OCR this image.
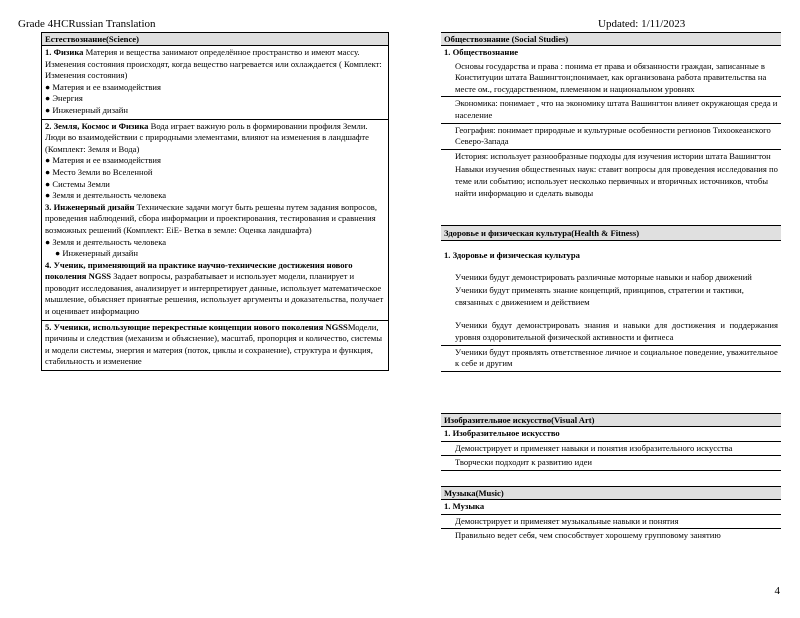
Grade 4HCRussian Translation	Updated: 1/11/2023
Естествознание(Science)

1. Физика Материя и вещества занимают определённое пространство и имеют массу. Изменения состояния происходят, когда вещество нагревается или охлаждается ( Комплект: Изменения состояния)

● Материя и ее взаимодействия
● Энергия
● Инженерный дизайн

2. Земля, Космос и Физика Вода играет важную роль в формировании профиля Земли. Люди во взаимодействии с природными элементами, влияют на изменения в ландшафте (Комплект: Земля и Вода)

● Материя и ее взаимодействия
● Место Земли во Вселенной
● Системы Земли
● Земля и деятельность человека

3. Инженерный дизайн Технические задачи могут быть решены путем задания вопросов, проведения наблюдений, сбора информации и проектирования, тестирования и сравнения возможных решений (Комплект: EiE- Ветка в земле: Оценка ландшафта)

● Земля и деятельность человека
● Инженерный дизайн

4. Ученик, применяющий на практике научно-технические достижения нового поколения NGSS Задает вопросы, разрабатывает и использует модели, планирует и проводит исследования, анализирует и интерпретирует данные, использует математическое мышление, объясняет принятые решения, использует аргументы и доказательства, получает и оценивает информацию

5. Ученики, использующие перекрестные концепции нового поколения NGSSМодели, причины и следствия (механизм и объяснение), масштаб, пропорция и количество, системы и модели системы, энергия и материя (поток, циклы и сохранение), структура и функция, стабильность и изменение

Обществознание (Social Studies)
1. Обществознание
Основы государства и права : понима ет права и обязанности граждан, записанные в Конституции штата Вашингтон;понимает, как организована работа правительства на месте ом., государственном, племенном и национальном уровнях
Экономика: понимает , что на экономику штата Вашингтон влияет окружающая среда и население
География: понимает природные и культурные особенности регионов Тихоокеанского Северо-Запада
История: использует разнообразные подходы для изучения истории штата Вашингтон
Навыки изучения общественных наук: ставит вопросы для проведения исследования по теме или событию; использует несколько первичных и вторичных источников, чтобы найти информацию и сделать выводы
Здоровье и физическая культура(Health & Fitness)
1. Здоровье и физическая культура
Ученики будут демонстрировать различные моторные навыки и набор движений
Ученики будут применять знание концепций, принципов, стратегии и тактики, связанных с движением и действием
Ученики будут демонстрировать знания и навыки для достижения и поддержания уровня оздоровительной физической активности и фитнеса
Ученики будут проявлять ответственное личное и социальное поведение, уважительное к себе и другим
Изобразительное искусство(Visual Art)
1. Изобразительное искусство
Демонстрирует и применяет навыки и понятия изобразительного искусства
Творчески подходит к развитию идеи
Музыка(Music)
1. Музыка
Демонстрирует и применяет музыкальные навыки и понятия
Правильно ведет себя, чем способствует хорошему групповому занятию
4
